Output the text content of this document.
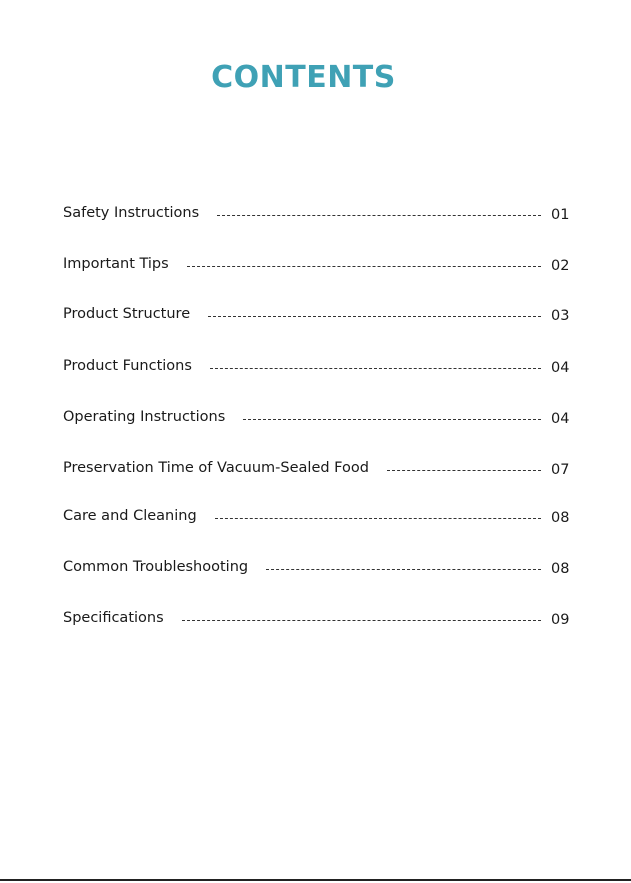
CONTENTS
Safety Instructions	01
Important Tips	02
Product Structure	03
Product Functions	04
Operating Instructions	04
Preservation Time of Vacuum-Sealed Food	07
Care and Cleaning	08
Common Troubleshooting	08
Specifications	09
